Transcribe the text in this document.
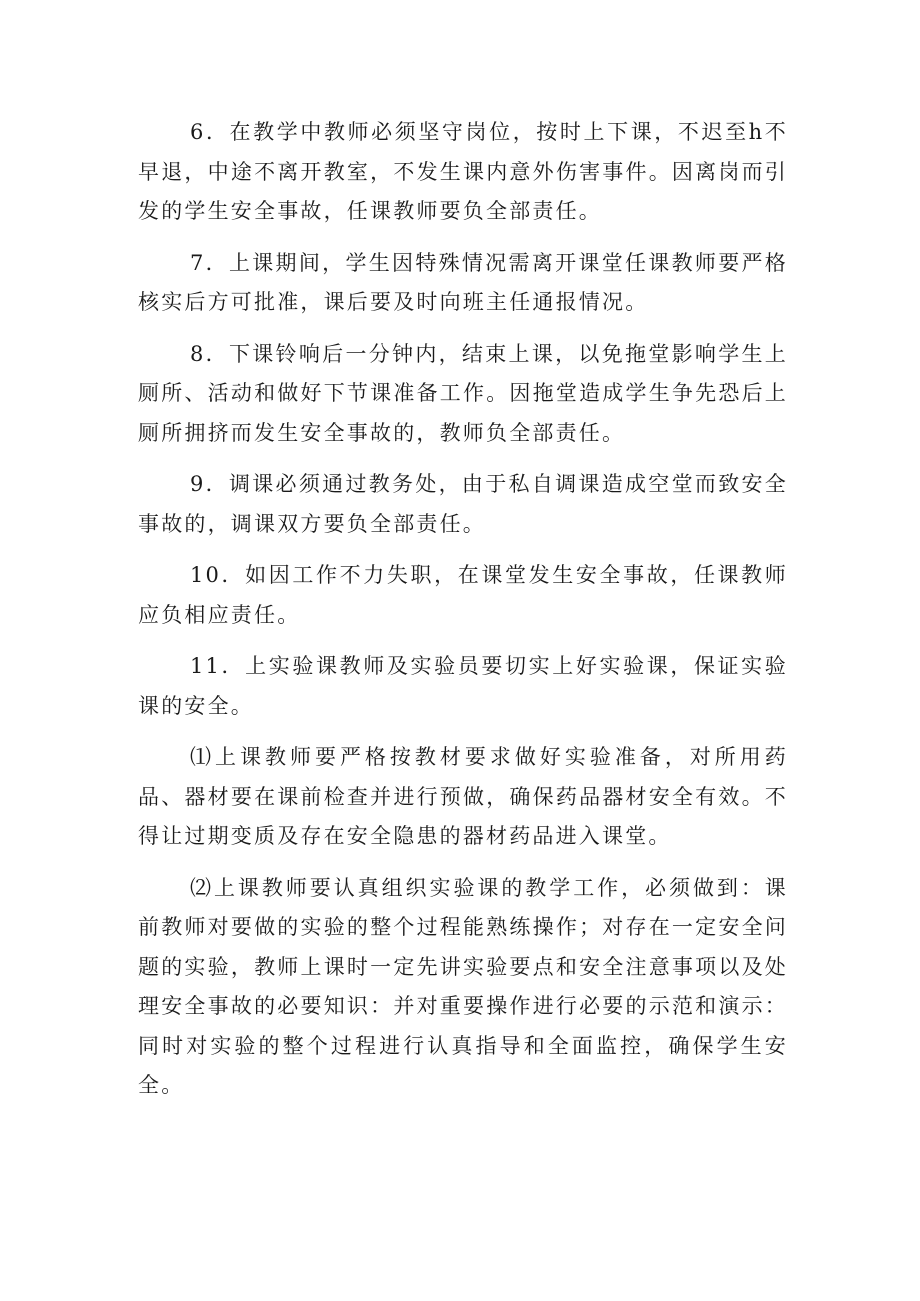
6．在教学中教师必须坚守岗位，按时上下课，不迟至h不早退，中途不离开教室，不发生课内意外伤害事件。因离岗而引发的学生安全事故，任课教师要负全部责任。

7．上课期间，学生因特殊情况需离开课堂任课教师要严格核实后方可批准，课后要及时向班主任通报情况。

8．下课铃响后一分钟内，结束上课，以免拖堂影响学生上厕所、活动和做好下节课准备工作。因拖堂造成学生争先恐后上厕所拥挤而发生安全事故的，教师负全部责任。

9．调课必须通过教务处，由于私自调课造成空堂而致安全事故的，调课双方要负全部责任。

10．如因工作不力失职，在课堂发生安全事故，任课教师应负相应责任。

11．上实验课教师及实验员要切实上好实验课，保证实验课的安全。

⑴上课教师要严格按教材要求做好实验准备，对所用药品、器材要在课前检查并进行预做，确保药品器材安全有效。不得让过期变质及存在安全隐患的器材药品进入课堂。

⑵上课教师要认真组织实验课的教学工作，必须做到：课前教师对要做的实验的整个过程能熟练操作；对存在一定安全问题的实验，教师上课时一定先讲实验要点和安全注意事项以及处理安全事故的必要知识：并对重要操作进行必要的示范和演示：同时对实验的整个过程进行认真指导和全面监控，确保学生安全。
